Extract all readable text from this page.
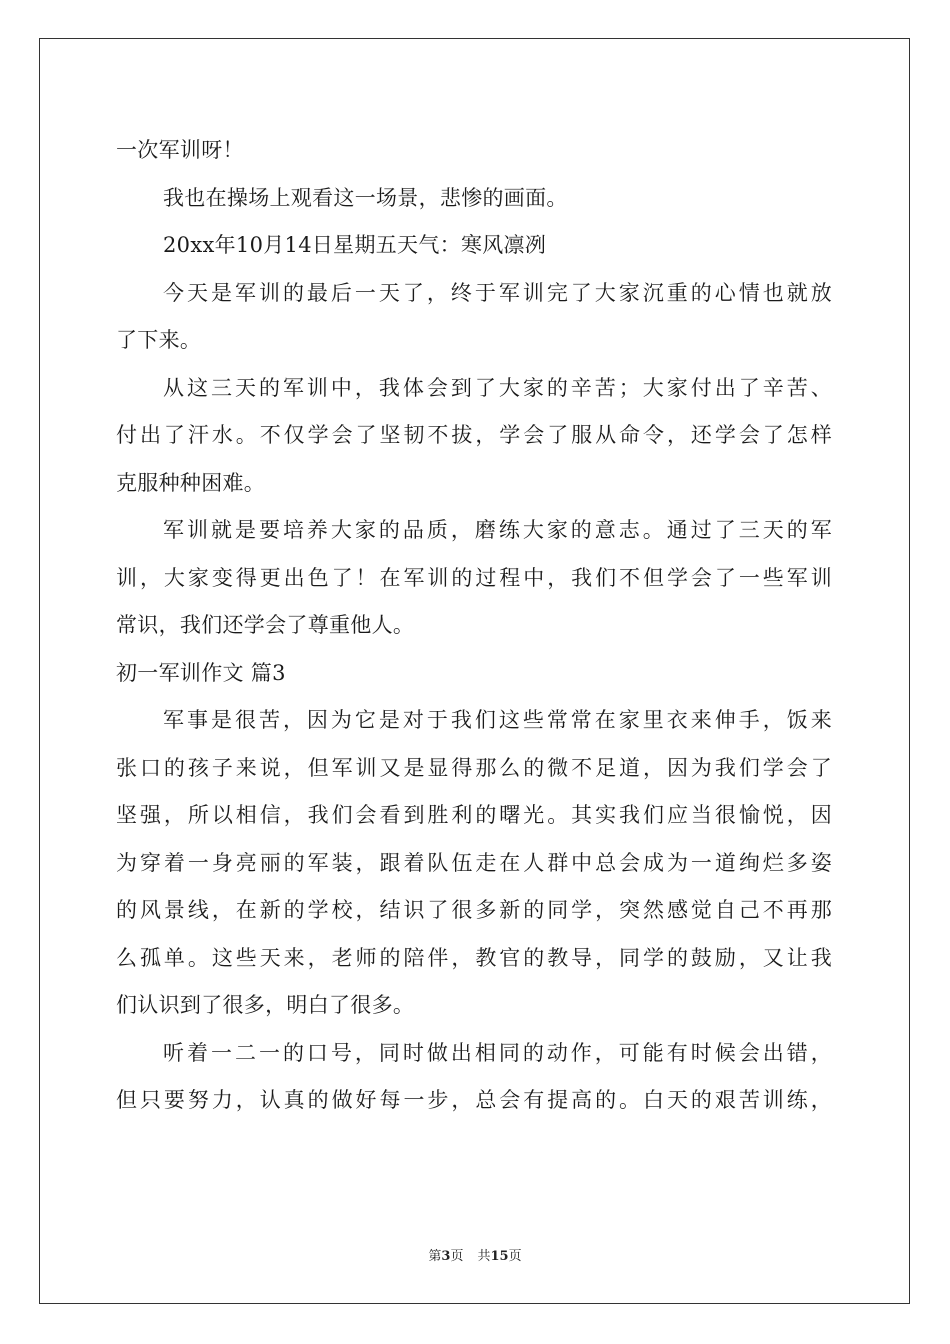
一次军训呀！
我也在操场上观看这一场景，悲惨的画面。
20xx年10月14日星期五天气：寒风凛冽
今天是军训的最后一天了，终于军训完了大家沉重的心情也就放
了下来。
从这三天的军训中，我体会到了大家的辛苦；大家付出了辛苦、
付出了汗水。不仅学会了坚韧不拔，学会了服从命令，还学会了怎样
克服种种困难。
军训就是要培养大家的品质，磨练大家的意志。通过了三天的军
训，大家变得更出色了！在军训的过程中，我们不但学会了一些军训
常识，我们还学会了尊重他人。
初一军训作文 篇3
军事是很苦，因为它是对于我们这些常常在家里衣来伸手，饭来
张口的孩子来说，但军训又是显得那么的微不足道，因为我们学会了
坚强，所以相信，我们会看到胜利的曙光。其实我们应当很愉悦，因
为穿着一身亮丽的军装，跟着队伍走在人群中总会成为一道绚烂多姿
的风景线，在新的学校，结识了很多新的同学，突然感觉自己不再那
么孤单。这些天来，老师的陪伴，教官的教导，同学的鼓励，又让我
们认识到了很多，明白了很多。
听着一二一的口号，同时做出相同的动作，可能有时候会出错，
但只要努力，认真的做好每一步，总会有提高的。白天的艰苦训练，
第3页 共15页
